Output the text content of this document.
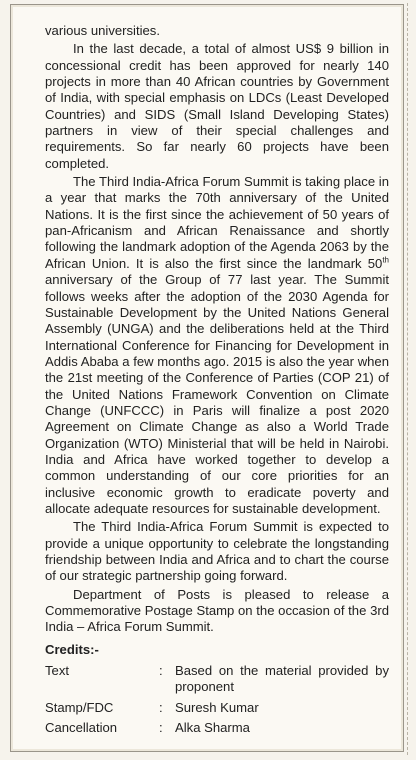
various universities.

In the last decade, a total of almost US$ 9 billion in concessional credit has been approved for nearly 140 projects in more than 40 African countries by Government of India, with special emphasis on LDCs (Least Developed Countries) and SIDS (Small Island Developing States) partners in view of their special challenges and requirements. So far nearly 60 projects have been completed.

The Third India-Africa Forum Summit is taking place in a year that marks the 70th anniversary of the United Nations. It is the first since the achievement of 50 years of pan-Africanism and African Renaissance and shortly following the landmark adoption of the Agenda 2063 by the African Union. It is also the first since the landmark 50th anniversary of the Group of 77 last year. The Summit follows weeks after the adoption of the 2030 Agenda for Sustainable Development by the United Nations General Assembly (UNGA) and the deliberations held at the Third International Conference for Financing for Development in Addis Ababa a few months ago. 2015 is also the year when the 21st meeting of the Conference of Parties (COP 21) of the United Nations Framework Convention on Climate Change (UNFCCC) in Paris will finalize a post 2020 Agreement on Climate Change as also a World Trade Organization (WTO) Ministerial that will be held in Nairobi. India and Africa have worked together to develop a common understanding of our core priorities for an inclusive economic growth to eradicate poverty and allocate adequate resources for sustainable development.

The Third India-Africa Forum Summit is expected to provide a unique opportunity to celebrate the longstanding friendship between India and Africa and to chart the course of our strategic partnership going forward.

Department of Posts is pleased to release a Commemorative Postage Stamp on the occasion of the 3rd India – Africa Forum Summit.

Credits:-

Text	: Based on the material provided by proponent
Stamp/FDC	: Suresh Kumar
Cancellation	: Alka Sharma
